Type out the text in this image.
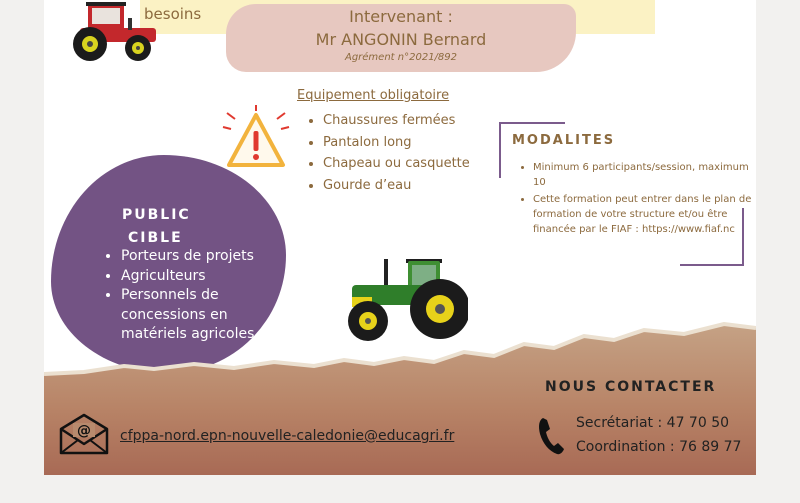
besoins	Intervenant :
Mr ANGONIN Bernard
Agrément n°2021/892
Equipement obligatoire
• Chaussures fermées
• Pantalon long
• Chapeau ou casquette
• Gourde d’eau
MODALITES
• Minimum 6 participants/session, maximum 10
• Cette formation peut entrer dans le plan de formation de votre structure et/ou être financée par le FIAF : https://www.fiaf.nc
PUBLIC
CIBLE
• Porteurs de projets
• Agriculteurs
• Personnels de concessions en matériels agricoles
NOUS CONTACTER
Secrétariat : 47 70 50
Coordination : 76 89 77
@ cfppa-nord.epn-nouvelle-caledonie@educagri.fr
